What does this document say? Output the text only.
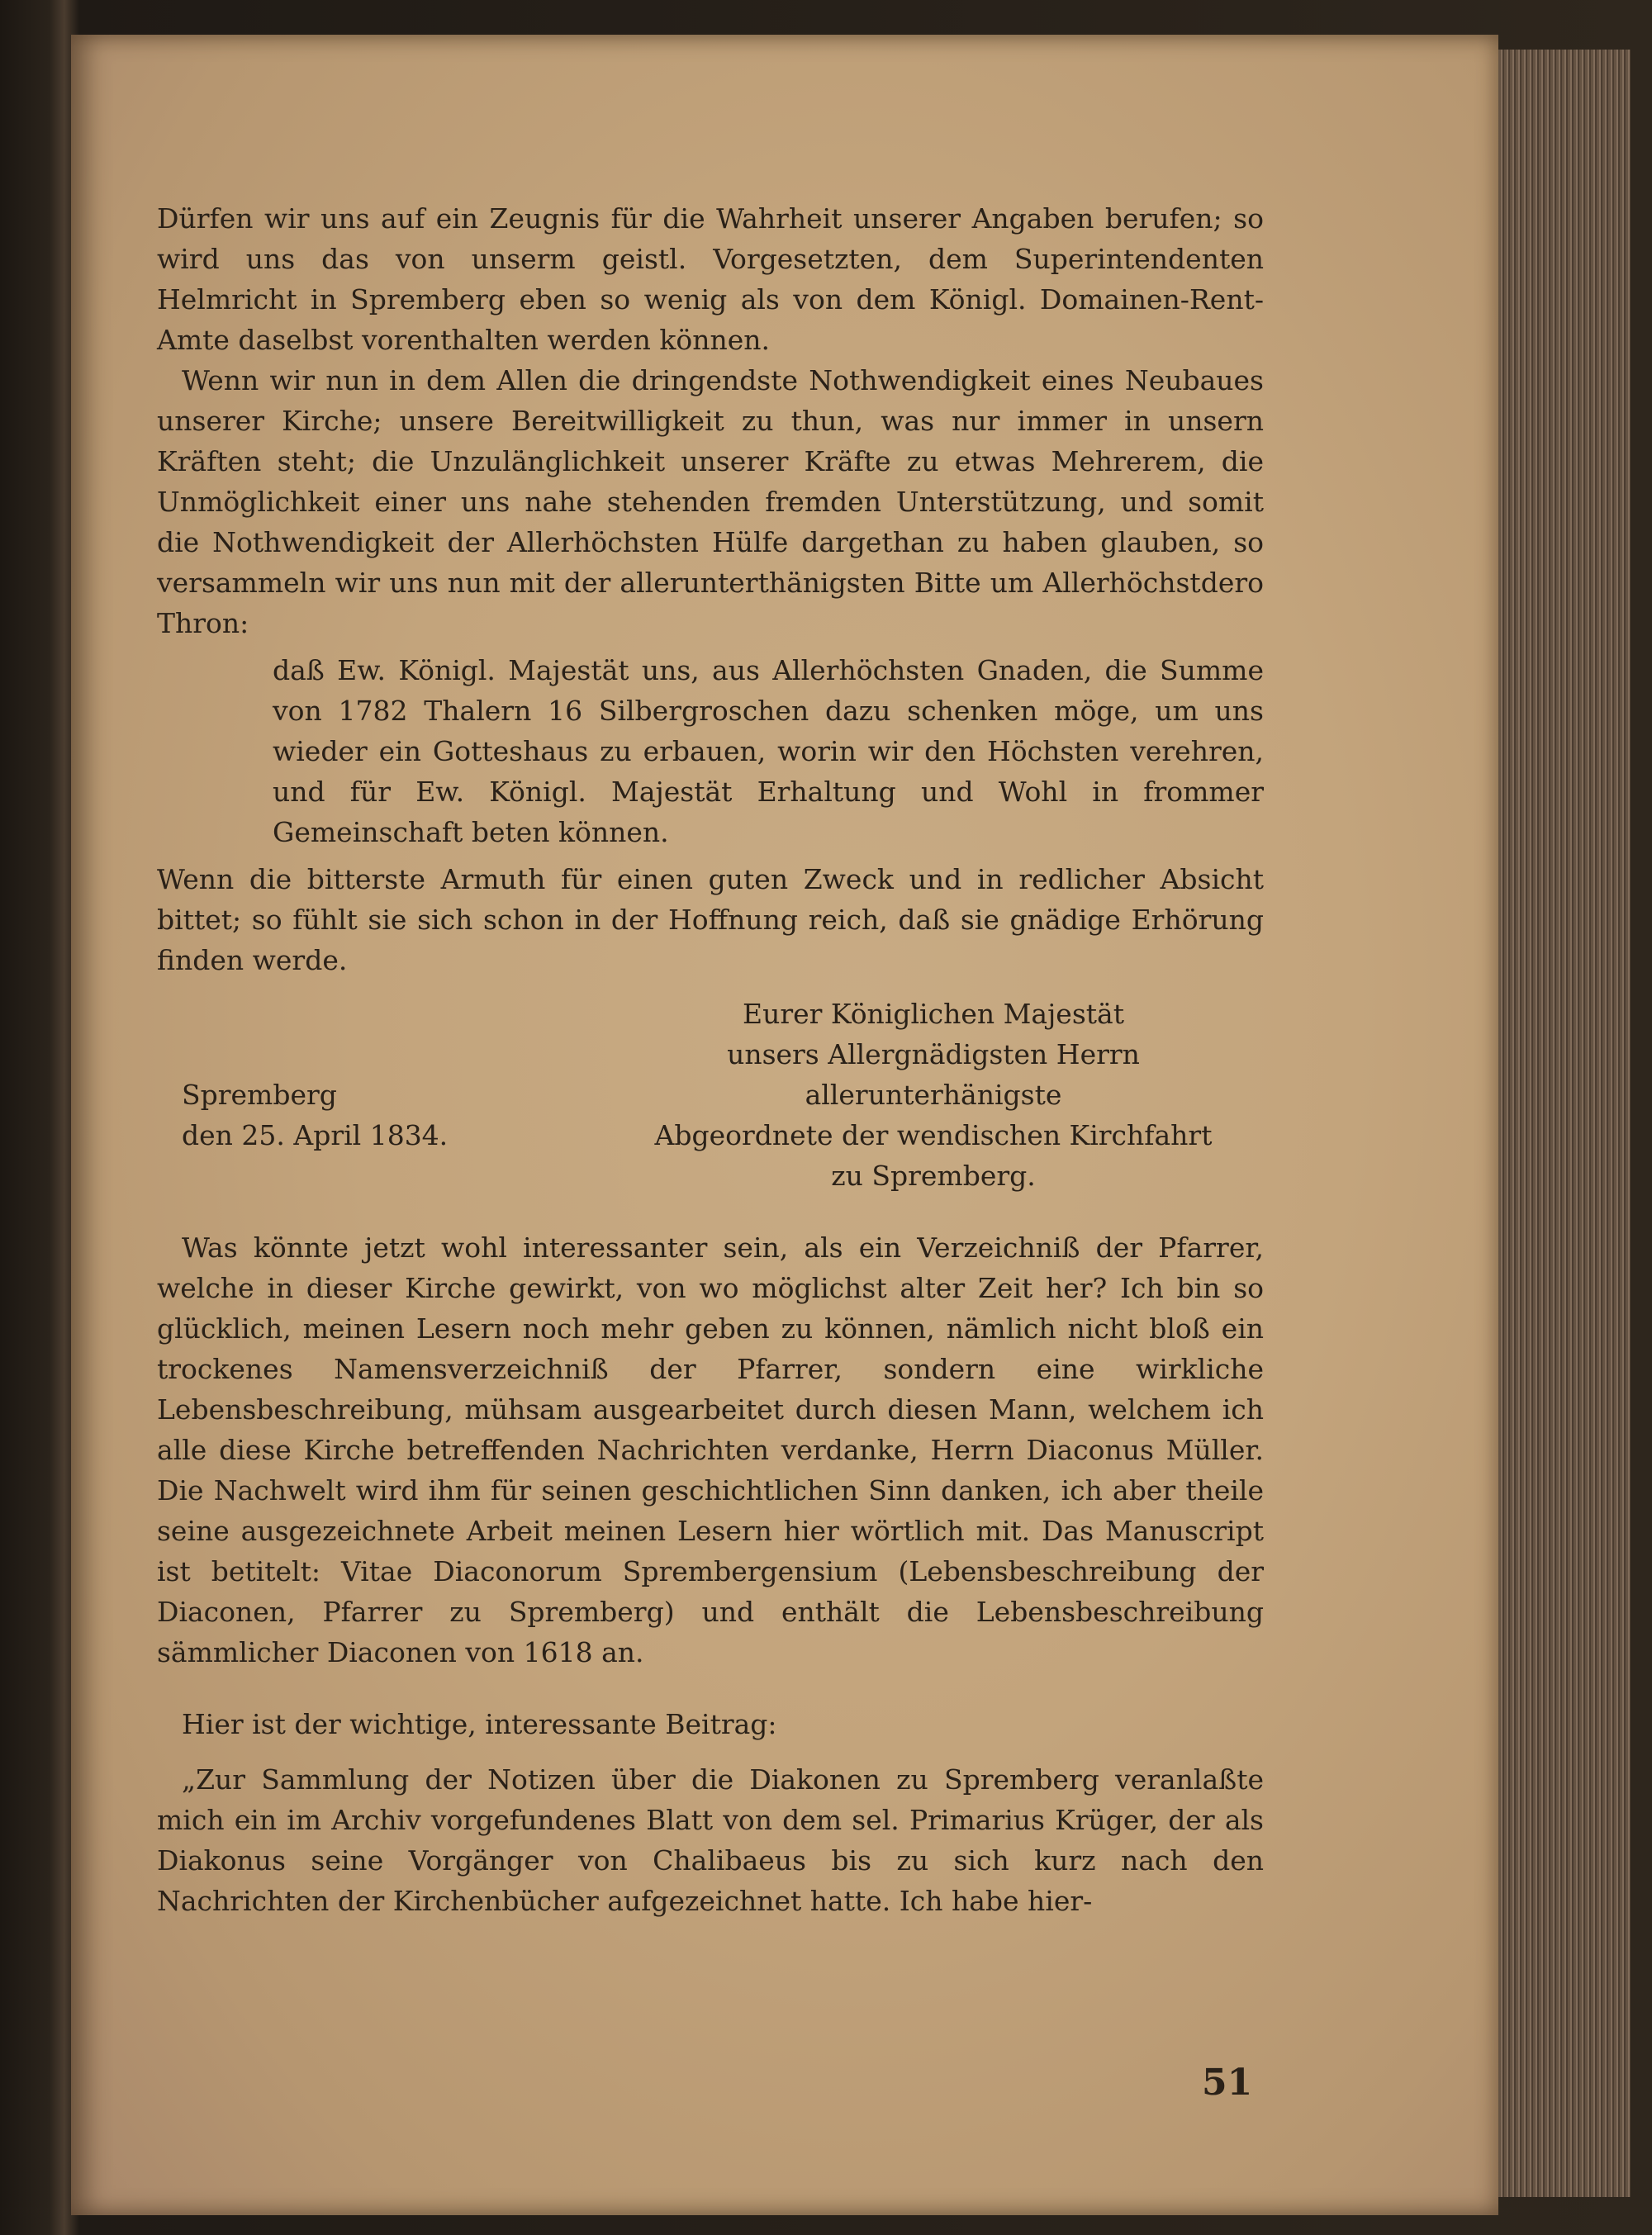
Dürfen wir uns auf ein Zeugnis für die Wahrheit unserer Angaben berufen; so wird uns das von unserm geistl. Vorgesetzten, dem Superintendenten Helmricht in Spremberg eben so wenig als von dem Königl. Domainen-Rent-Amte daselbst vorenthalten werden können.

Wenn wir nun in dem Allen die dringendste Nothwendigkeit eines Neubaues unserer Kirche; unsere Bereitwilligkeit zu thun, was nur immer in unsern Kräften steht; die Unzulänglichkeit unserer Kräfte zu etwas Mehrerem, die Unmöglichkeit einer uns nahe stehenden fremden Unterstützung, und somit die Nothwendigkeit der Allerhöchsten Hülfe dargethan zu haben glauben, so versammeln wir uns nun mit der allerunterthänigsten Bitte um Allerhöchstdero Thron:

daß Ew. Königl. Majestät uns, aus Allerhöchsten Gnaden, die Summe von 1782 Thalern 16 Silbergroschen dazu schenken möge, um uns wieder ein Gotteshaus zu erbauen, worin wir den Höchsten verehren, und für Ew. Königl. Majestät Erhaltung und Wohl in frommer Gemeinschaft beten können.

Wenn die bitterste Armuth für einen guten Zweck und in redlicher Absicht bittet; so fühlt sie sich schon in der Hoffnung reich, daß sie gnädige Erhörung finden werde.

Spremberg
den 25. April 1834.
Eurer Königlichen Majestät
unsers Allergnädigsten Herrn
allerunterhänigste
Abgeordnete der wendischen Kirchfahrt
zu Spremberg.

Was könnte jetzt wohl interessanter sein, als ein Verzeichniß der Pfarrer, welche in dieser Kirche gewirkt, von wo möglichst alter Zeit her? Ich bin so glücklich, meinen Lesern noch mehr geben zu können, nämlich nicht bloß ein trockenes Namensverzeichniß der Pfarrer, sondern eine wirkliche Lebensbeschreibung, mühsam ausgearbeitet durch diesen Mann, welchem ich alle diese Kirche betreffenden Nachrichten verdanke, Herrn Diaconus Müller. Die Nachwelt wird ihm für seinen geschichtlichen Sinn danken, ich aber theile seine ausgezeichnete Arbeit meinen Lesern hier wörtlich mit. Das Manuscript ist betitelt: Vitae Diaconorum Sprembergensium (Lebensbeschreibung der Diaconen, Pfarrer zu Spremberg) und enthält die Lebensbeschreibung sämmlicher Diaconen von 1618 an.

Hier ist der wichtige, interessante Beitrag:

„Zur Sammlung der Notizen über die Diakonen zu Spremberg veranlaßte mich ein im Archiv vorgefundenes Blatt von dem sel. Primarius Krüger, der als Diakonus seine Vorgänger von Chalibaeus bis zu sich kurz nach den Nachrichten der Kirchenbücher aufgezeichnet hatte. Ich habe hier-

51
